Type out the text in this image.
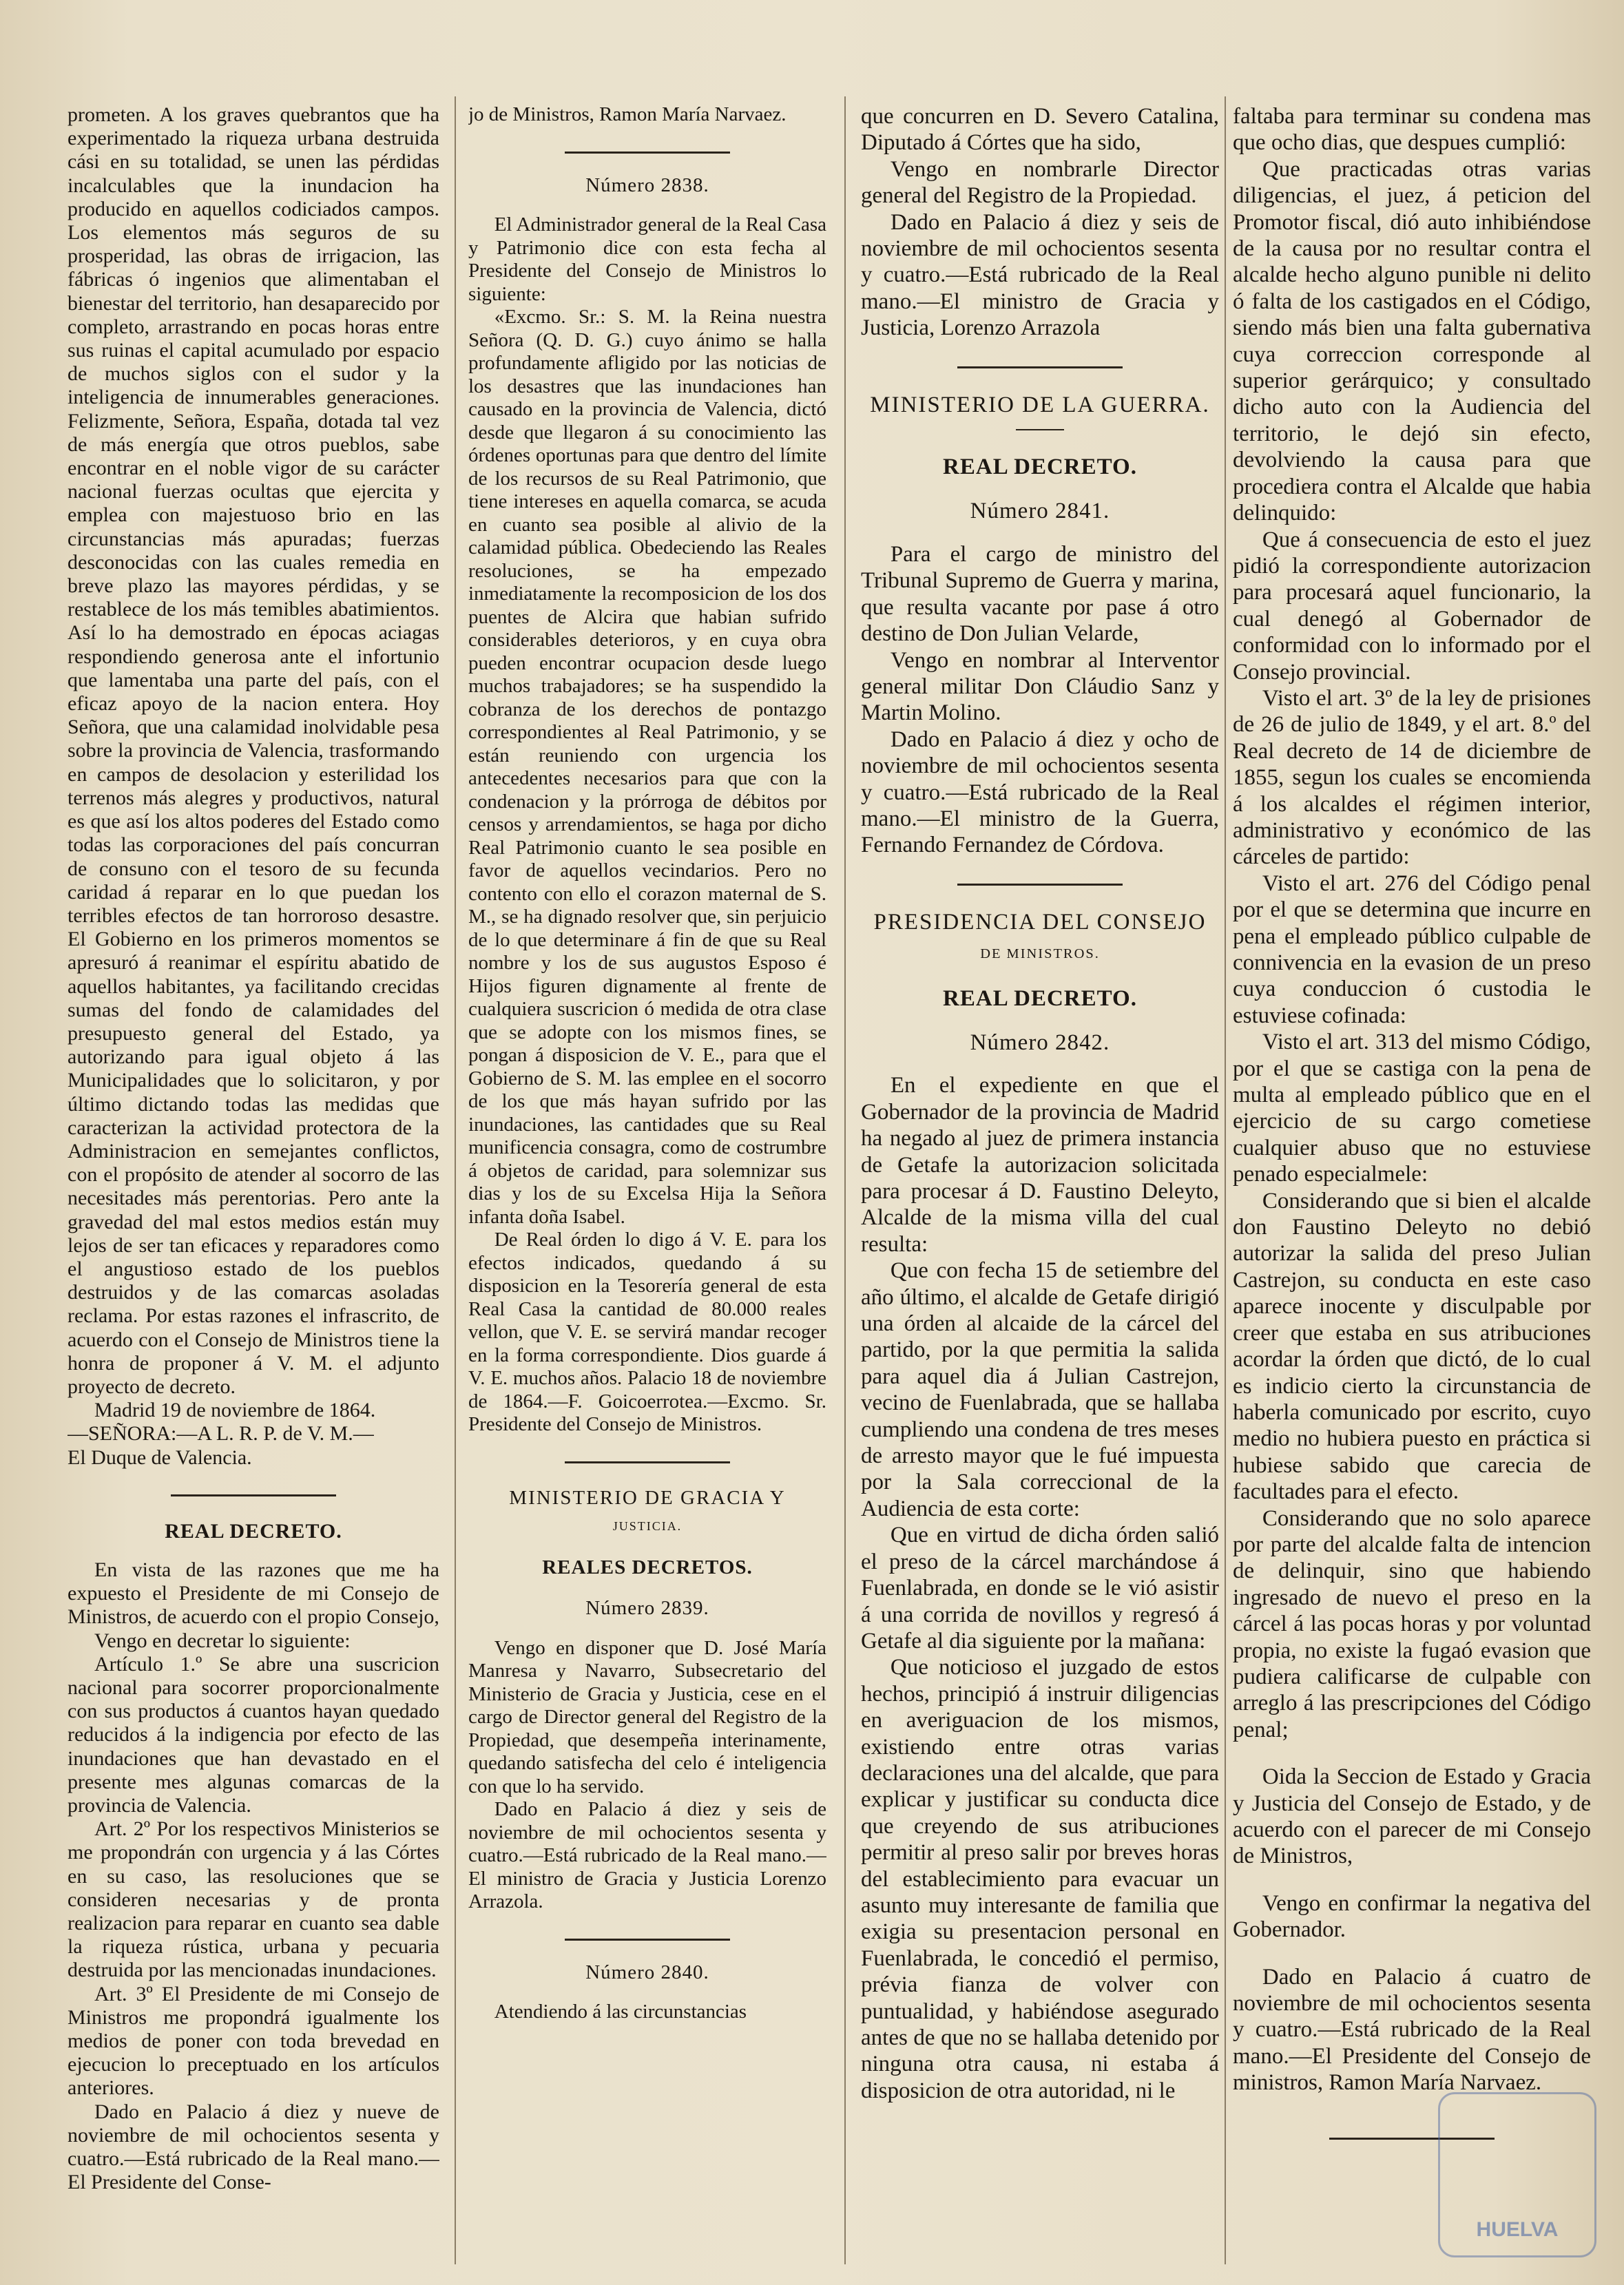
prometen. A los graves quebrantos que ha experimentado la riqueza urbana destruida cási en su totalidad, se unen las pérdidas incalculables que la inundacion ha producido en aquellos codiciados campos. Los elementos más seguros de su prosperidad, las obras de irrigacion, las fábricas ó ingenios que alimentaban el bienestar del territorio, han desaparecido por completo, arrastrando en pocas horas entre sus ruinas el capital acumulado por espacio de muchos siglos con el sudor y la inteligencia de innumerables generaciones. Felizmente, Señora, España, dotada tal vez de más energía que otros pueblos, sabe encontrar en el noble vigor de su carácter nacional fuerzas ocultas que ejercita y emplea con majestuoso brio en las circunstancias más apuradas; fuerzas desconocidas con las cuales remedia en breve plazo las mayores pérdidas, y se restablece de los más temibles abatimientos. Así lo ha demostrado en épocas aciagas respondiendo generosa ante el infortunio que lamentaba una parte del país, con el eficaz apoyo de la nacion entera. Hoy Señora, que una calamidad inolvidable pesa sobre la provincia de Valencia, trasformando en campos de desolacion y esterilidad los terrenos más alegres y productivos, natural es que así los altos poderes del Estado como todas las corporaciones del país concurran de consuno con el tesoro de su fecunda caridad á reparar en lo que puedan los terribles efectos de tan horroroso desastre. El Gobierno en los primeros momentos se apresuró á reanimar el espíritu abatido de aquellos habitantes, ya facilitando crecidas sumas del fondo de calamidades del presupuesto general del Estado, ya autorizando para igual objeto á las Municipalidades que lo solicitaron, y por último dictando todas las medidas que caracterizan la actividad protectora de la Administracion en semejantes conflictos, con el propósito de atender al socorro de las necesitades más perentorias. Pero ante la gravedad del mal estos medios están muy lejos de ser tan eficaces y reparadores como el angustioso estado de los pueblos destruidos y de las comarcas asoladas reclama. Por estas razones el infrascrito, de acuerdo con el Consejo de Ministros tiene la honra de proponer á V. M. el adjunto proyecto de decreto.

Madrid 19 de noviembre de 1864.

—SEÑORA:—A L. R. P. de V. M.—

El Duque de Valencia.

REAL DECRETO.

En vista de las razones que me ha expuesto el Presidente de mi Consejo de Ministros, de acuerdo con el propio Consejo,

Vengo en decretar lo siguiente:

Artículo 1.º Se abre una suscricion nacional para socorrer proporcionalmente con sus productos á cuantos hayan quedado reducidos á la indigencia por efecto de las inundaciones que han devastado en el presente mes algunas comarcas de la provincia de Valencia.

Art. 2º Por los respectivos Ministerios se me propondrán con urgencia y á las Córtes en su caso, las resoluciones que se consideren necesarias y de pronta realizacion para reparar en cuanto sea dable la riqueza rústica, urbana y pecuaria destruida por las mencionadas inundaciones.

Art. 3º El Presidente de mi Consejo de Ministros me propondrá igualmente los medios de poner con toda brevedad en ejecucion lo preceptuado en los artículos anteriores.

Dado en Palacio á diez y nueve de noviembre de mil ochocientos sesenta y cuatro.—Está rubricado de la Real mano.—El Presidente del Conse-

jo de Ministros, Ramon María Narvaez.

Número 2838.

El Administrador general de la Real Casa y Patrimonio dice con esta fecha al Presidente del Consejo de Ministros lo siguiente:

«Excmo. Sr.: S. M. la Reina nuestra Señora (Q. D. G.) cuyo ánimo se halla profundamente afligido por las noticias de los desastres que las inundaciones han causado en la provincia de Valencia, dictó desde que llegaron á su conocimiento las órdenes oportunas para que dentro del límite de los recursos de su Real Patrimonio, que tiene intereses en aquella comarca, se acuda en cuanto sea posible al alivio de la calamidad pública. Obedeciendo las Reales resoluciones, se ha empezado inmediatamente la recomposicion de los dos puentes de Alcira que habian sufrido considerables deterioros, y en cuya obra pueden encontrar ocupacion desde luego muchos trabajadores; se ha suspendido la cobranza de los derechos de pontazgo correspondientes al Real Patrimonio, y se están reuniendo con urgencia los antecedentes necesarios para que con la condenacion y la prórroga de débitos por censos y arrendamientos, se haga por dicho Real Patrimonio cuanto le sea posible en favor de aquellos vecindarios. Pero no contento con ello el corazon maternal de S. M., se ha dignado resolver que, sin perjuicio de lo que determinare á fin de que su Real nombre y los de sus augustos Esposo é Hijos figuren dignamente al frente de cualquiera suscricion ó medida de otra clase que se adopte con los mismos fines, se pongan á disposicion de V. E., para que el Gobierno de S. M. las emplee en el socorro de los que más hayan sufrido por las inundaciones, las cantidades que su Real munificencia consagra, como de costrumbre á objetos de caridad, para solemnizar sus dias y los de su Excelsa Hija la Señora infanta doña Isabel.

De Real órden lo digo á V. E. para los efectos indicados, quedando á su disposicion en la Tesorería general de esta Real Casa la cantidad de 80.000 reales vellon, que V. E. se servirá mandar recoger en la forma correspondiente. Dios guarde á V. E. muchos años. Palacio 18 de noviembre de 1864.—F. Goicoerrotea.—Excmo. Sr. Presidente del Consejo de Ministros.

MINISTERIO DE GRACIA Y
JUSTICIA.
REALES DECRETOS.
Número 2839.

Vengo en disponer que D. José María Manresa y Navarro, Subsecretario del Ministerio de Gracia y Justicia, cese en el cargo de Director general del Registro de la Propiedad, que desempeña interinamente, quedando satisfecha del celo é inteligencia con que lo ha servido.

Dado en Palacio á diez y seis de noviembre de mil ochocientos sesenta y cuatro.—Está rubricado de la Real mano.—El ministro de Gracia y Justicia Lorenzo Arrazola.

Número 2840.

Atendiendo á las circunstancias

que concurren en D. Severo Catalina, Diputado á Córtes que ha sido,

Vengo en nombrarle Director general del Registro de la Propiedad.

Dado en Palacio á diez y seis de noviembre de mil ochocientos sesenta y cuatro.—Está rubricado de la Real mano.—El ministro de Gracia y Justicia, Lorenzo Arrazola

MINISTERIO DE LA GUERRA.
REAL DECRETO.
Número 2841.

Para el cargo de ministro del Tribunal Supremo de Guerra y marina, que resulta vacante por pase á otro destino de Don Julian Velarde,

Vengo en nombrar al Interventor general militar Don Cláudio Sanz y Martin Molino.

Dado en Palacio á diez y ocho de noviembre de mil ochocientos sesenta y cuatro.—Está rubricado de la Real mano.—El ministro de la Guerra, Fernando Fernandez de Córdova.

PRESIDENCIA DEL CONSEJO
DE MINISTROS.
REAL DECRETO.
Número 2842.

En el expediente en que el Gobernador de la provincia de Madrid ha negado al juez de primera instancia de Getafe la autorizacion solicitada para procesar á D. Faustino Deleyto, Alcalde de la misma villa del cual resulta:

Que con fecha 15 de setiembre del año último, el alcalde de Getafe dirigió una órden al alcaide de la cárcel del partido, por la que permitia la salida para aquel dia á Julian Castrejon, vecino de Fuenlabrada, que se hallaba cumpliendo una condena de tres meses de arresto mayor que le fué impuesta por la Sala correccional de la Audiencia de esta corte:

Que en virtud de dicha órden salió el preso de la cárcel marchándose á Fuenlabrada, en donde se le vió asistir á una corrida de novillos y regresó á Getafe al dia siguiente por la mañana:

Que noticioso el juzgado de estos hechos, principió á instruir diligencias en averiguacion de los mismos, existiendo entre otras varias declaraciones una del alcalde, que para explicar y justificar su conducta dice que creyendo de sus atribuciones permitir al preso salir por breves horas del establecimiento para evacuar un asunto muy interesante de familia que exigia su presentacion personal en Fuenlabrada, le concedió el permiso, prévia fianza de volver con puntualidad, y habiéndose asegurado antes de que no se hallaba detenido por ninguna otra causa, ni estaba á disposicion de otra autoridad, ni le

faltaba para terminar su condena mas que ocho dias, que despues cumplió:

Que practicadas otras varias diligencias, el juez, á peticion del Promotor fiscal, dió auto inhibiéndose de la causa por no resultar contra el alcalde hecho alguno punible ni delito ó falta de los castigados en el Código, siendo más bien una falta gubernativa cuya correccion corresponde al superior gerárquico; y consultado dicho auto con la Audiencia del territorio, le dejó sin efecto, devolviendo la causa para que procediera contra el Alcalde que habia delinquido:

Que á consecuencia de esto el juez pidió la correspondiente autorizacion para procesará aquel funcionario, la cual denegó al Gobernador de conformidad con lo informado por el Consejo provincial.

Visto el art. 3º de la ley de prisiones de 26 de julio de 1849, y el art. 8.º del Real decreto de 14 de diciembre de 1855, segun los cuales se encomienda á los alcaldes el régimen interior, administrativo y económico de las cárceles de partido:

Visto el art. 276 del Código penal por el que se determina que incurre en pena el empleado público culpable de connivencia en la evasion de un preso cuya conduccion ó custodia le estuviese cofinada:

Visto el art. 313 del mismo Código, por el que se castiga con la pena de multa al empleado público que en el ejercicio de su cargo cometiese cualquier abuso que no estuviese penado especialmele:

Considerando que si bien el alcalde don Faustino Deleyto no debió autorizar la salida del preso Julian Castrejon, su conducta en este caso aparece inocente y disculpable por creer que estaba en sus atribuciones acordar la órden que dictó, de lo cual es indicio cierto la circunstancia de haberla comunicado por escrito, cuyo medio no hubiera puesto en práctica si hubiese sabido que carecia de facultades para el efecto.

Considerando que no solo aparece por parte del alcalde falta de intencion de delinquir, sino que habiendo ingresado de nuevo el preso en la cárcel á las pocas horas y por voluntad propia, no existe la fugaó evasion que pudiera calificarse de culpable con arreglo á las prescripciones del Código penal;

Oida la Seccion de Estado y Gracia y Justicia del Consejo de Estado, y de acuerdo con el parecer de mi Consejo de Ministros,

Vengo en confirmar la negativa del Gobernador.

Dado en Palacio á cuatro de noviembre de mil ochocientos sesenta y cuatro.—Está rubricado de la Real mano.—El Presidente del Consejo de ministros, Ramon María Narvaez.

HUELVA
